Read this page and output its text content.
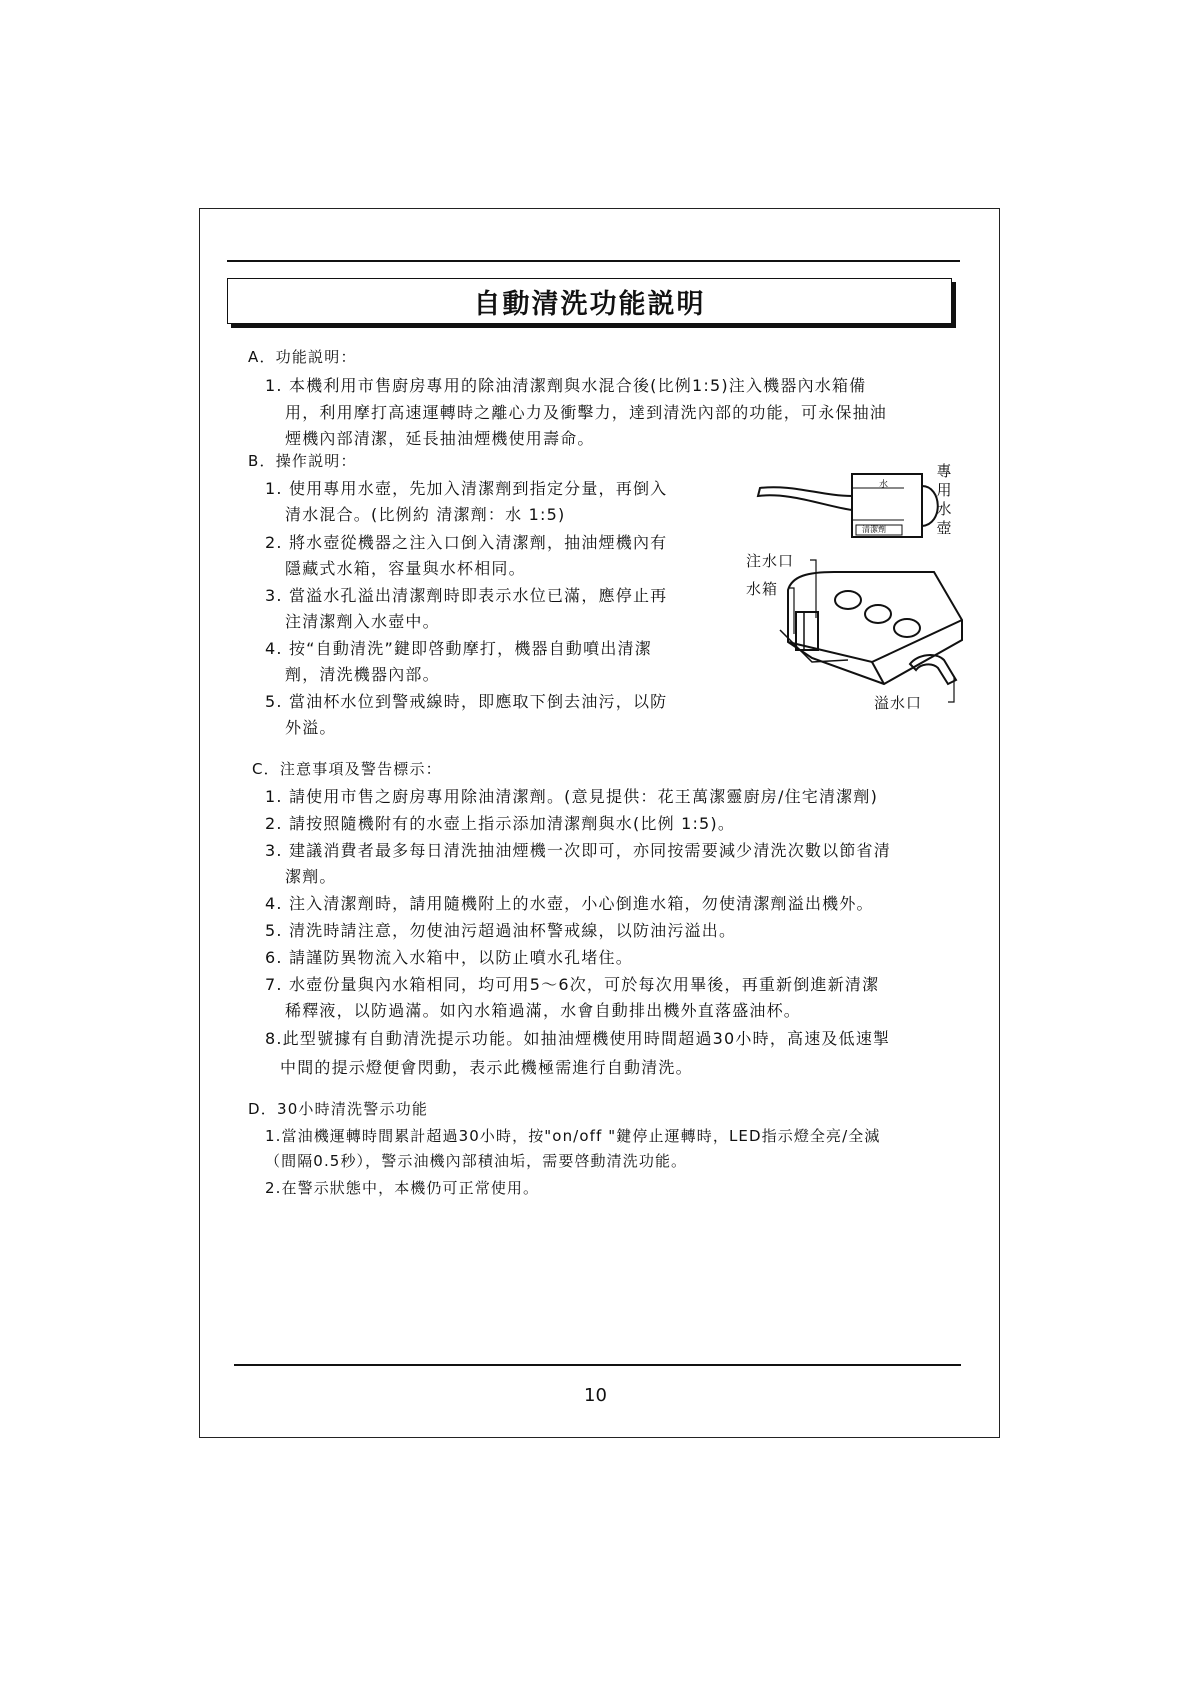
自動清洗功能説明
A．功能説明：
1. 本機利用市售廚房專用的除油清潔劑與水混合後(比例1:5)注入機器內水箱備
用，利用摩打高速運轉時之離心力及衝擊力，達到清洗內部的功能，可永保抽油
煙機內部清潔，延長抽油煙機使用壽命。
B．操作説明：
1. 使用專用水壺，先加入清潔劑到指定分量，再倒入
清水混合。(比例約 清潔劑：水 1:5)
2. 將水壺從機器之注入口倒入清潔劑，抽油煙機內有
隱藏式水箱，容量與水杯相同。
3. 當溢水孔溢出清潔劑時即表示水位已滿，應停止再
注清潔劑入水壺中。
4. 按“自動清洗”鍵即啓動摩打，機器自動噴出清潔
劑，清洗機器內部。
5. 當油杯水位到警戒線時，即應取下倒去油污，以防
外溢。
水
清潔劑
注水口
水箱
溢水口
專
用
水
壺
C．注意事項及警告標示：
1. 請使用市售之廚房專用除油清潔劑。(意見提供：花王萬潔靈廚房/住宅清潔劑)
2. 請按照隨機附有的水壺上指示添加清潔劑與水(比例 1:5)。
3. 建議消費者最多每日清洗抽油煙機一次即可，亦同按需要減少清洗次數以節省清
潔劑。
4. 注入清潔劑時，請用隨機附上的水壺，小心倒進水箱，勿使清潔劑溢出機外。
5. 清洗時請注意，勿使油污超過油杯警戒線，以防油污溢出。
6. 請謹防異物流入水箱中，以防止噴水孔堵住。
7. 水壺份量與內水箱相同，均可用5～6次，可於每次用畢後，再重新倒進新清潔
稀釋液，以防過滿。如內水箱過滿，水會自動排出機外直落盛油杯。
8.此型號據有自動清洗提示功能。如抽油煙機使用時間超過30小時，高速及低速掣
中間的提示燈便會閃動，表示此機極需進行自動清洗。
D．30小時清洗警示功能
1.當油機運轉時間累計超過30小時，按"on/off "鍵停止運轉時，LED指示燈全亮/全滅
（間隔0.5秒），警示油機內部積油垢，需要啓動清洗功能。
2.在警示狀態中，本機仍可正常使用。
10
